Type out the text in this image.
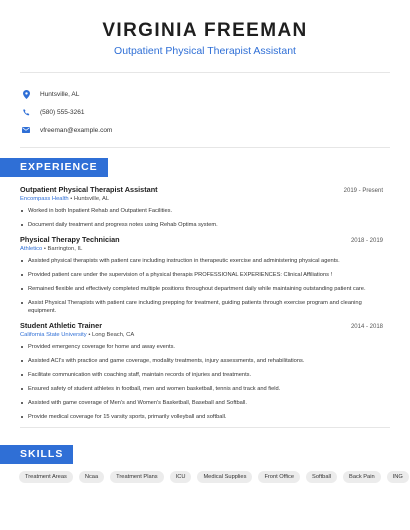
VIRGINIA FREEMAN
Outpatient Physical Therapist Assistant
Huntsville, AL
(580) 555-3261
vfreeman@example.com
EXPERIENCE
Outpatient Physical Therapist Assistant	2019 - Present
Encompass Health • Huntsville, AL
Worked in both Inpatient Rehab and Outpatient Facilities.
Document daily treatment and progress notes using Rehab Optima system.
Physical Therapy Technician	2018 - 2019
Athletico • Barrington, IL
Assisted physical therapists with patient care including instruction in therapeutic exercise and administering physical agents.
Provided patient care under the supervision of a physical therapis PROFESSIONAL EXPERIENCES: Clinical Affiliations !
Remained flexible and effectively completed multiple positions throughout department daily while maintaining outstanding patient care.
Assist Physical Therapists with patient care including prepping for treatment, guiding patients through exercise program and cleaning equipment.
Student Athletic Trainer	2014 - 2018
California State University • Long Beach, CA
Provided emergency coverage for home and away events.
Assisted ACI's with practice and game coverage, modality treatments, injury assessments, and rehabilitations.
Facilitate communication with coaching staff, maintain records of injuries and treatments.
Ensured safety of student athletes in football, men and women basketball, tennis and track and field.
Assisted with game coverage of Men's and Women's Basketball, Baseball and Softball.
Provide medical coverage for 15 varsity sports, primarily volleyball and softball.
SKILLS
Treatment Areas	Ncaa	Treatment Plans	ICU	Medical Supplies	Front Office	Softball	Back Pain	ING
